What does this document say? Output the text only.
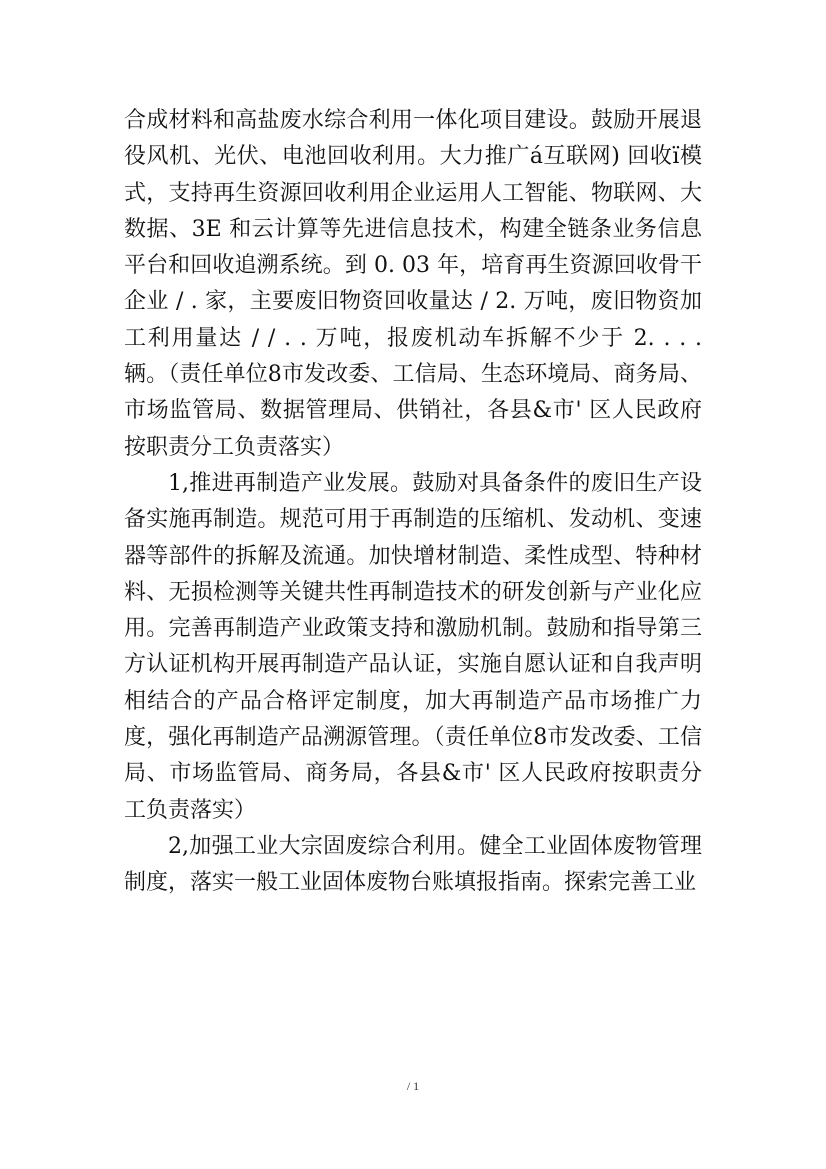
合成材料和高盐废水综合利用一体化项目建设。鼓励开展退役风机、光伏、电池回收利用。大力推广á互联网) 回收ï模式，支持再生资源回收利用企业运用人工智能、物联网、大数据、3E 和云计算等先进信息技术，构建全链条业务信息平台和回收追溯系统。到 0. 03 年，培育再生资源回收骨干企业 / . 家，主要废旧物资回收量达 / 2. 万吨，废旧物资加工利用量达 / / . . 万吨，报废机动车拆解不少于 2. . . . 辆。（责任单位8市发改委、工信局、生态环境局、商务局、市场监管局、数据管理局、供销社，各县&市' 区人民政府按职责分工负责落实）

1,推进再制造产业发展。鼓励对具备条件的废旧生产设备实施再制造。规范可用于再制造的压缩机、发动机、变速器等部件的拆解及流通。加快增材制造、柔性成型、特种材料、无损检测等关键共性再制造技术的研发创新与产业化应用。完善再制造产业政策支持和激励机制。鼓励和指导第三方认证机构开展再制造产品认证，实施自愿认证和自我声明相结合的产品合格评定制度，加大再制造产品市场推广力度，强化再制造产品溯源管理。（责任单位8市发改委、工信局、市场监管局、商务局，各县&市' 区人民政府按职责分工负责落实）

2,加强工业大宗固废综合利用。健全工业固体废物管理制度，落实一般工业固体废物台账填报指南。探索完善工业

/ 1
